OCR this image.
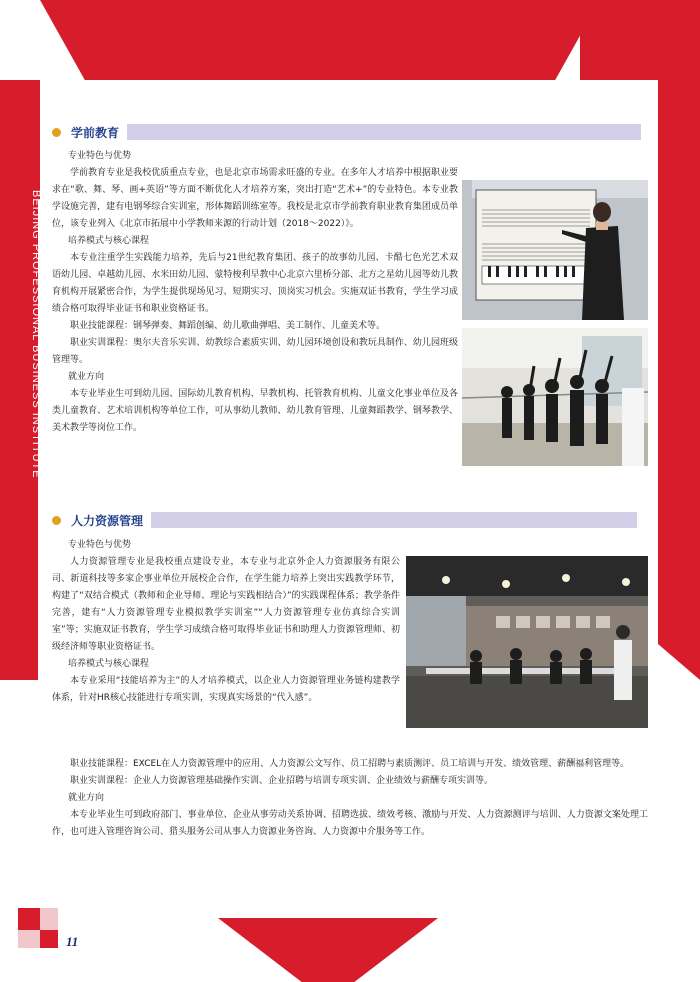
BEIJING PROFESSIONAL BUSINESS INSTITUTE
学前教育

专业特色与优势

学前教育专业是我校优质重点专业，也是北京市场需求旺盛的专业。在多年人才培养中根据职业要求在“歌、舞、琴、画+英语”等方面不断优化人才培养方案，突出打造“艺术+”的专业特色。本专业教学设施完善，建有电钢琴综合实训室，形体舞蹈训练室等。我校是北京市学前教育职业教育集团成员单位，该专业列入《北京市拓展中小学教师来源的行动计划（2018～2022）》。

培养模式与核心课程

本专业注重学生实践能力培养，先后与21世纪教育集团、孩子的故事幼儿园、卡酷七色光艺术双语幼儿园、卓越幼儿园、水米田幼儿园、蒙特梭利早教中心北京六里桥分部、北方之星幼儿园等幼儿教育机构开展紧密合作，为学生提供现场见习、短期实习、顶岗实习机会。实施双证书教育，学生学习成绩合格可取得毕业证书和职业资格证书。

职业技能课程：钢琴弹奏、舞蹈创编、幼儿歌曲弹唱、美工制作、儿童美术等。

职业实训课程：奥尔夫音乐实训、幼教综合素质实训、幼儿园环境创设和教玩具制作、幼儿园班级管理等。

就业方向

本专业毕业生可到幼儿园、国际幼儿教育机构、早教机构、托管教育机构、儿童文化事业单位及各类儿童教育、艺术培训机构等单位工作，可从事幼儿教师、幼儿教育管理、儿童舞蹈教学、钢琴教学、美术教学等岗位工作。

人力资源管理

专业特色与优势

人力资源管理专业是我校重点建设专业，本专业与北京外企人力资源服务有限公司、新道科技等多家企事业单位开展校企合作，在学生能力培养上突出实践教学环节，构建了“双结合模式（教师和企业导师、理论与实践相结合）”的实践课程体系；教学条件完善，建有“人力资源管理专业模拟教学实训室”“人力资源管理专业仿真综合实训室”等；实施双证书教育，学生学习成绩合格可取得毕业证书和助理人力资源管理师、初级经济师等职业资格证书。

培养模式与核心课程

本专业采用“技能培养为主”的人才培养模式，以企业人力资源管理业务链构建教学体系，针对HR核心技能进行专项实训，实现真实场景的“代入感”。

职业技能课程：EXCEL在人力资源管理中的应用、人力资源公文写作、员工招聘与素质测评、员工培训与开发、绩效管理、薪酬福利管理等。

职业实训课程：企业人力资源管理基础操作实训、企业招聘与培训专项实训、企业绩效与薪酬专项实训等。

就业方向

本专业毕业生可到政府部门、事业单位、企业从事劳动关系协调、招聘选拔、绩效考核、激励与开发、人力资源测评与培训、人力资源文案处理工作，也可进入管理咨询公司、猎头服务公司从事人力资源业务咨询、人力资源中介服务等工作。

11
